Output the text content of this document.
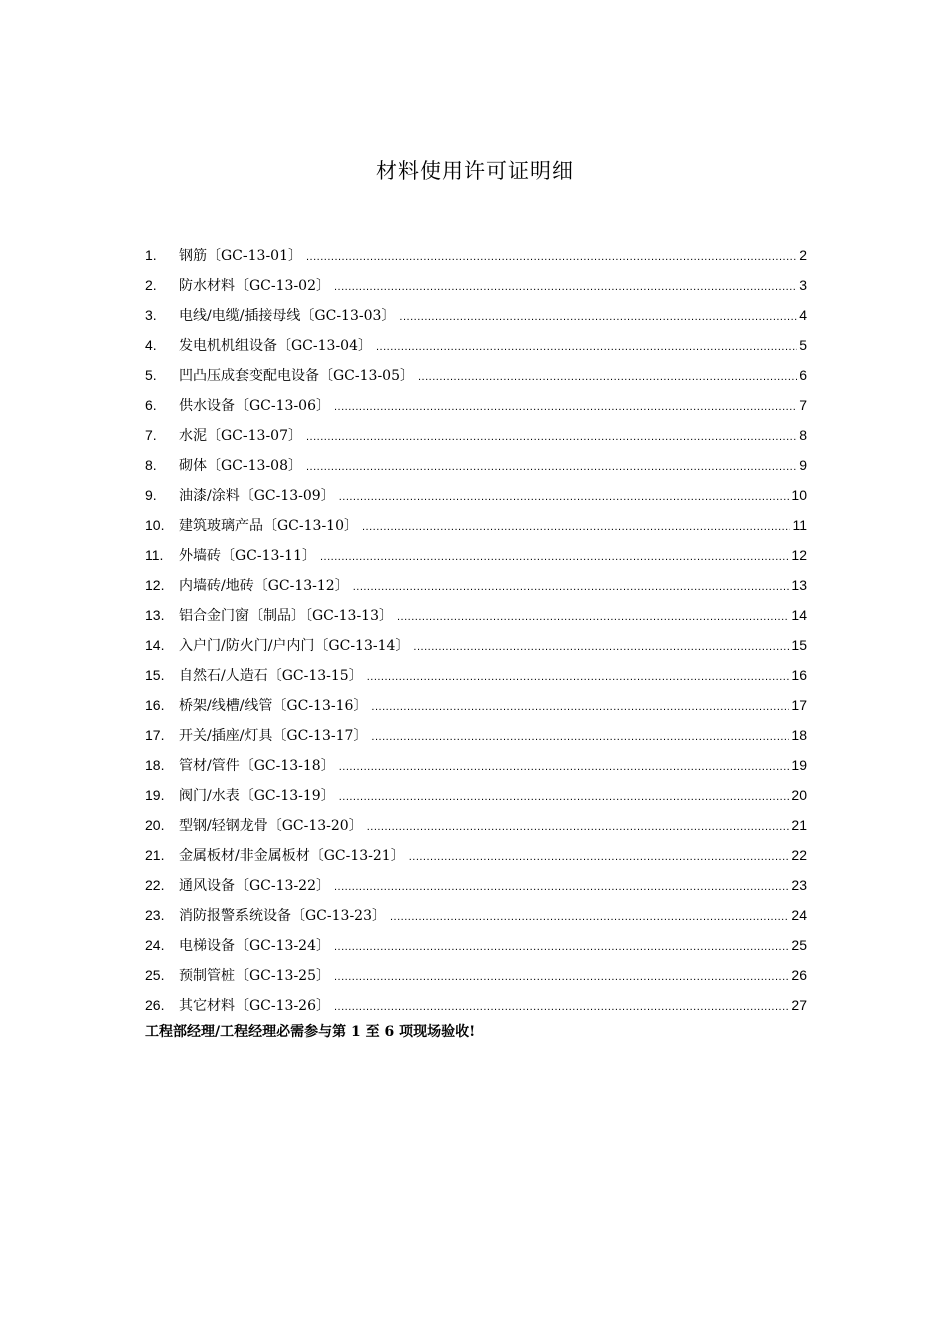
材料使用许可证明细
1.	钢筋〔GC-13-01〕 .....	2
2.	防水材料〔GC-13-02〕 .....	3
3.	电线/电缆/插接母线〔GC-13-03〕 .....	4
4.	发电机机组设备〔GC-13-04〕 .....	5
5.	凹凸压成套变配电设备〔GC-13-05〕 .....	6
6.	供水设备〔GC-13-06〕 .....	7
7.	水泥〔GC-13-07〕 .....	8
8.	砌体〔GC-13-08〕 .....	9
9.	油漆/涂料〔GC-13-09〕 .....	10
10.	建筑玻璃产品〔GC-13-10〕 .....	11
11.	外墙砖〔GC-13-11〕 .....	12
12.	内墙砖/地砖〔GC-13-12〕 .....	13
13.	铝合金门窗〔制品〕〔GC-13-13〕 .....	14
14.	入户门/防火门/户内门〔GC-13-14〕 .....	15
15.	自然石/人造石〔GC-13-15〕 .....	16
16.	桥架/线槽/线管〔GC-13-16〕 .....	17
17.	开关/插座/灯具〔GC-13-17〕 .....	18
18.	管材/管件〔GC-13-18〕 .....	19
19.	阀门/水表〔GC-13-19〕 .....	20
20.	型钢/轻钢龙骨〔GC-13-20〕 .....	21
21.	金属板材/非金属板材〔GC-13-21〕 .....	22
22.	通风设备〔GC-13-22〕 .....	23
23.	消防报警系统设备〔GC-13-23〕 .....	24
24.	电梯设备〔GC-13-24〕 .....	25
25.	预制管桩〔GC-13-25〕 .....	26
26.	其它材料〔GC-13-26〕 .....	27
工程部经理/工程经理必需参与第 1 至 6 项现场验收!
